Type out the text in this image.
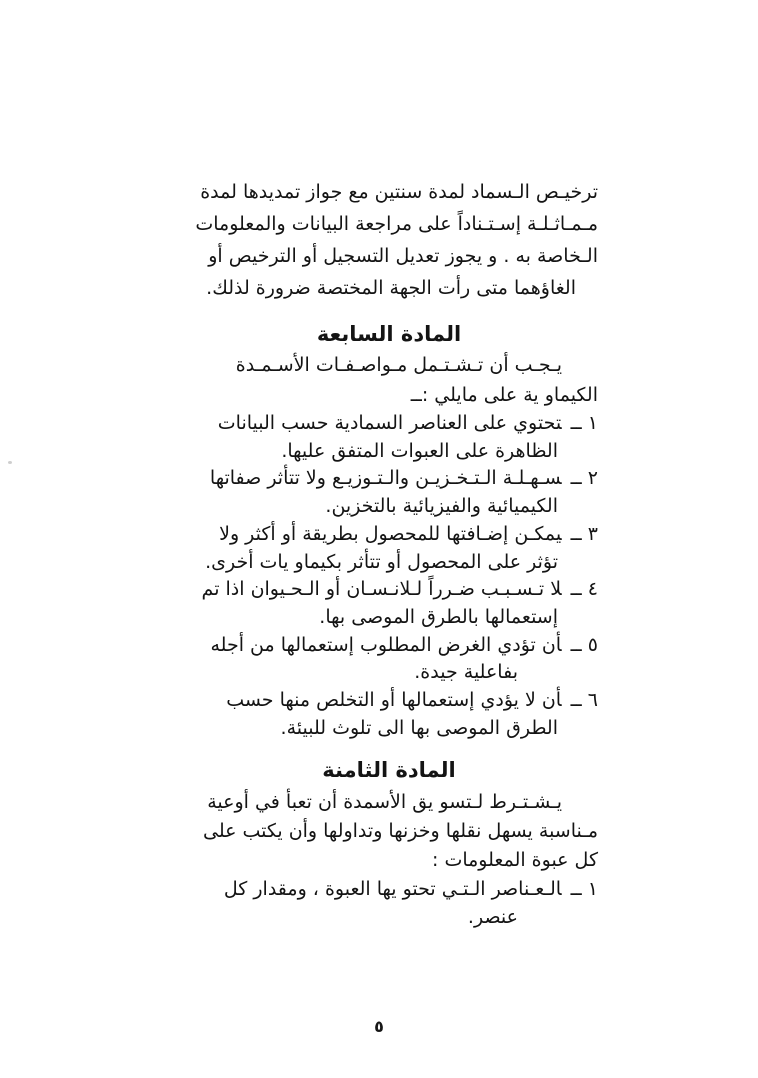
ترخيـص الـسماد لمدة سنتين مع جواز تمديدها لمدة
مـمـاثـلـة إسـتـناداً على مراجعة البيانات والمعلومات
الـخاصة به . و يجوز تعديل التسجيل أو الترخيص أو
الغاؤهما متى رأت الجهة المختصة ضرورة لذلك.
المادة السابعة
يـجـب أن تـشـتـمل مـواصـفـات الأسـمـدة
الكيماو ية على مايلي :ــ
١ ــتحتوي على العناصر السمادية حسب البيانات
الظاهرة على العبوات المتفق عليها.
٢ ــسـهـلـة الـتـخـزيـن والـتـوزيـع ولا تتأثر صفاتها
الكيميائية والفيزيائية بالتخزين.
٣ ــيمكـن إضـافتها للمحصول بطريقة أو أكثر ولا
تؤثر على المحصول أو تتأثر بكيماو يات أخرى.
٤ ــلا تـسـبـب ضـرراً لـلانـسـان أو الـحـيوان اذا تم
إستعمالها بالطرق الموصى بها.
٥ ــأن تؤدي الغرض المطلوب إستعمالها من أجله
بفاعلية جيدة.
٦ ــأن لا يؤدي إستعمالها أو التخلص منها حسب
الطرق الموصى بها الى تلوث للبيئة.
المادة الثامنة
يـشـتـرط لـتسو يق الأسمدة أن تعبأ في أوعية
مـناسبة يسهل نقلها وخزنها وتداولها وأن يكتب على
كل عبوة المعلومات :
١ ــالـعـناصر الـتـي تحتو يها العبوة ، ومقدار كل
عنصر.
٥
